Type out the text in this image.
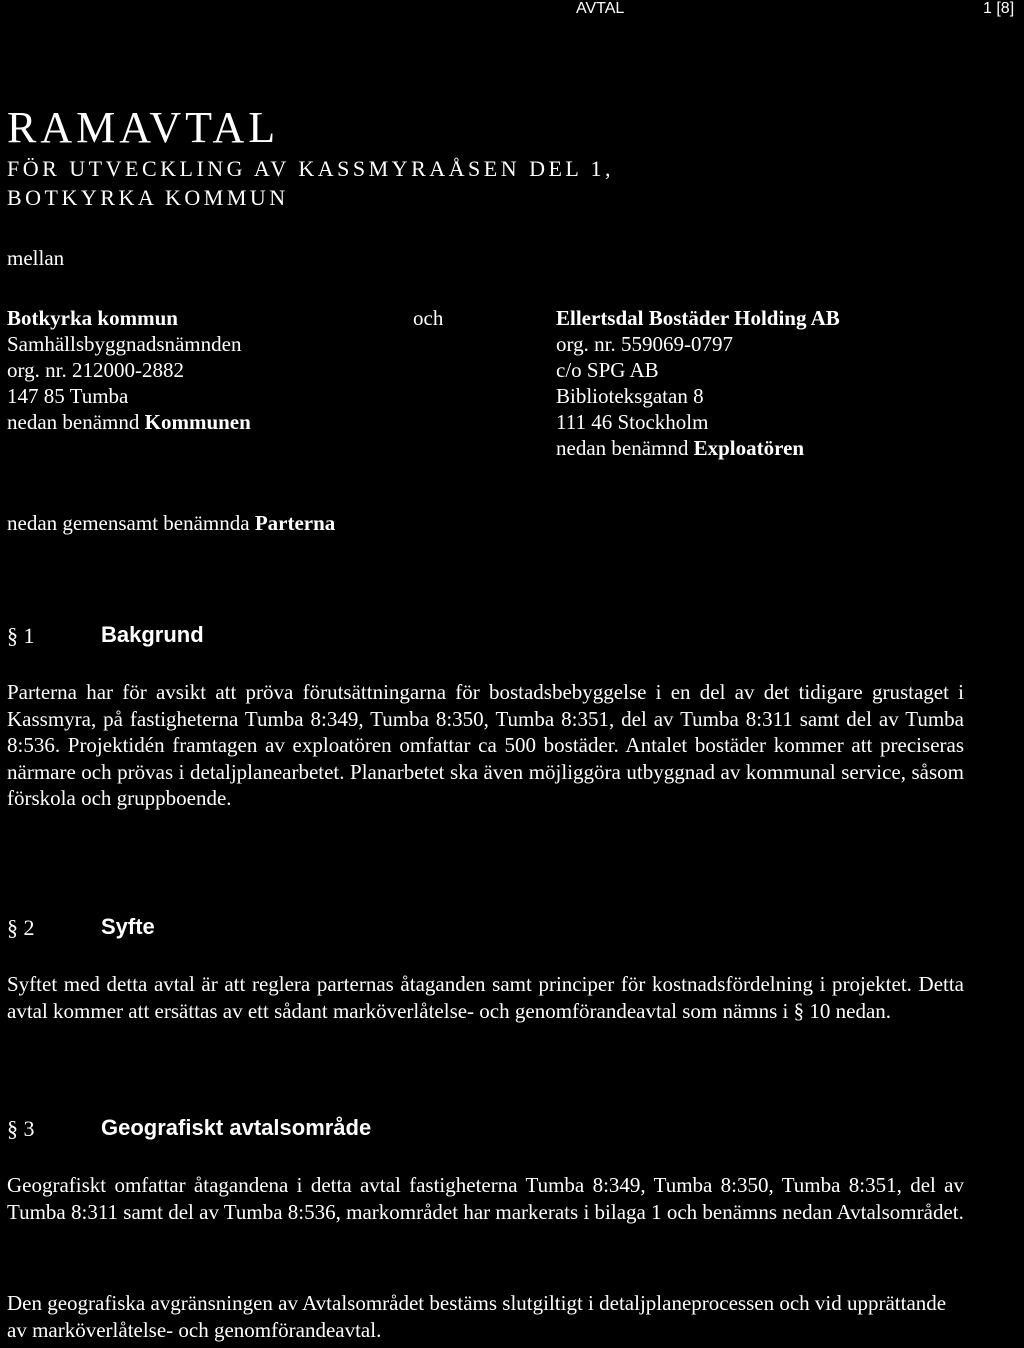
AVTAL	1 [8]
RAMAVTAL
FÖR UTVECKLING AV KASSMYRAÅSEN DEL 1,
BOTKYRKA KOMMUN
mellan
Botkyrka kommun
Samhällsbyggnadsnämnden
org. nr. 212000-2882
147 85 Tumba
nedan benämnd Kommunen
och	Ellertsdal Bostäder Holding AB
org. nr. 559069-0797
c/o SPG AB
Biblioteksgatan 8
111 46 Stockholm
nedan benämnd Exploatören
nedan gemensamt benämnda Parterna
§ 1	Bakgrund
Parterna har för avsikt att pröva förutsättningarna för bostadsbebyggelse i en del av det tidigare grustaget i Kassmyra, på fastigheterna Tumba 8:349, Tumba 8:350, Tumba 8:351, del av Tumba 8:311 samt del av Tumba 8:536. Projektidén framtagen av exploatören omfattar ca 500 bostäder. Antalet bostäder kommer att preciseras närmare och prövas i detaljplanearbetet. Planarbetet ska även möjliggöra utbyggnad av kommunal service, såsom förskola och gruppboende.
§ 2	Syfte
Syftet med detta avtal är att reglera parternas åtaganden samt principer för kostnadsfördelning i projektet. Detta avtal kommer att ersättas av ett sådant marköverlåtelse- och genomförandeavtal som nämns i § 10 nedan.
§ 3	Geografiskt avtalsområde
Geografiskt omfattar åtagandena i detta avtal fastigheterna Tumba 8:349, Tumba 8:350, Tumba 8:351, del av Tumba 8:311 samt del av Tumba 8:536, markområdet har markerats i bilaga 1 och benämns nedan Avtalsområdet.
Den geografiska avgränsningen av Avtalsområdet bestäms slutgiltigt i detaljplaneprocessen och vid upprättande av marköverlåtelse- och genomförandeavtal.
